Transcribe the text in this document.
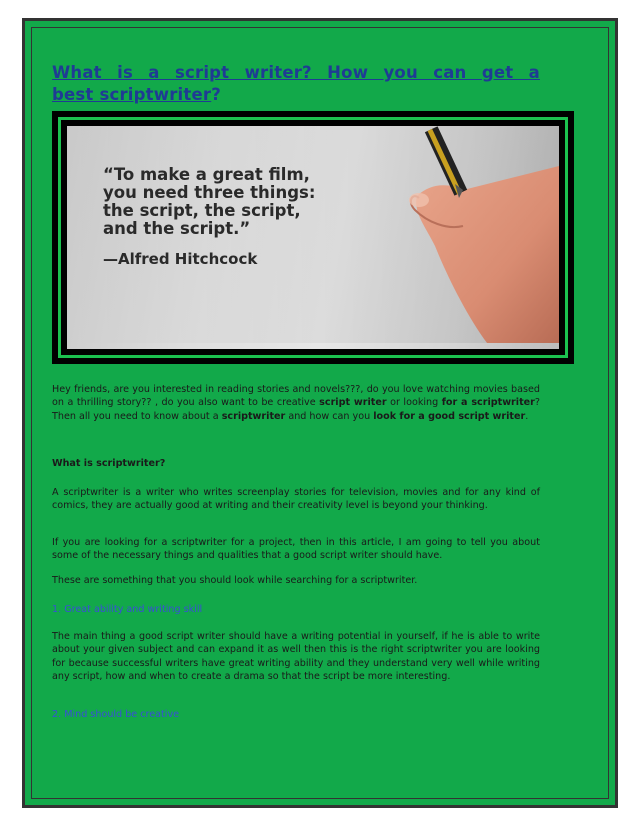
What is a script writer? How you can get a
best scriptwriter?
“To make a great film,
you need three things:
the script, the script,
and the script.”
—Alfred Hitchcock

Hey friends, are you interested in reading stories and novels???, do you love watching movies based on a thrilling story?? , do you also want to be creative script writer or looking for a scriptwriter? Then all you need to know about a scriptwriter and how can you look for a good script writer.

What is scriptwriter?

A scriptwriter is a writer who writes screenplay stories for television, movies and for any kind of comics, they are actually good at writing and their creativity level is beyond your thinking.

If you are looking for a scriptwriter for a project, then in this article, I am going to tell you about some of the necessary things and qualities that a good script writer should have.

These are something that you should look while searching for a scriptwriter.

1. Great ability and writing skill

The main thing a good script writer should have a writing potential in yourself, if he is able to write about your given subject and can expand it as well then this is the right scriptwriter you are looking for because successful writers have great writing ability and they understand very well while writing any script, how and when to create a drama so that the script be more interesting.

2. Mind should be creative
